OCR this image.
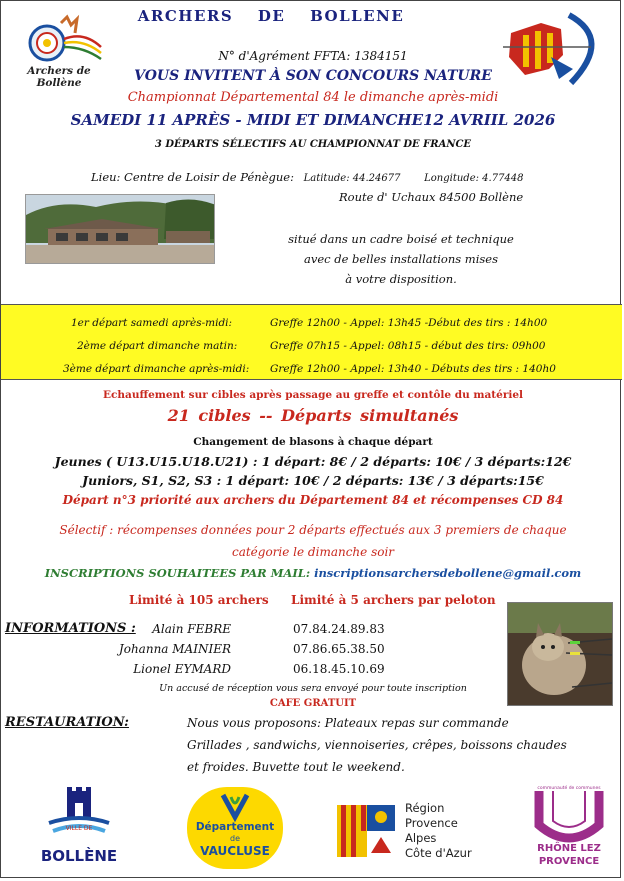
Archers de Bollène
ARCHERS DE BOLLENE
N° d'Agrément FFTA: 1384151
VOUS INVITENT À SON CONCOURS NATURE
Championnat Départemental 84 le dimanche après-midi
SAMEDI 11 APRÈS - MIDI ET DIMANCHE12 AVRIIL 2026
3 DÉPARTS SÉLECTIFS AU CHAMPIONNAT DE FRANCE
Lieu: Centre de Loisir de Pénègue: Latitude: 44.24677 Longitude: 4.77448
Route d' Uchaux 84500 Bollène
situé dans un cadre boisé et technique
avec de belles installations mises
à votre disposition.
1er départ samedi après-midi:	Greffe 12h00 - Appel: 13h45 -Début des tirs : 14h00
2ème départ dimanche matin:	Greffe 07h15 - Appel: 08h15 - début des tirs: 09h00
3ème départ dimanche après-midi: Greffe 12h00 - Appel: 13h40 - Débuts des tirs : 140h0
Echauffement sur cibles après passage au greffe et contôle du matériel
21 cibles -- Départs simultanés
Changement de blasons à chaque départ
Jeunes ( U13.U15.U18.U21) : 1 départ: 8€ / 2 départs: 10€ / 3 départs:12€
Juniors, S1, S2, S3 : 1 départ: 10€ / 2 départs: 13€ / 3 départs:15€
Départ n°3 priorité aux archers du Département 84 et récompenses CD 84
Sélectif : récompenses données pour 2 départs effectués aux 3 premiers de chaque
catégorie le dimanche soir
INSCRIPTIONS SOUHAITEES PAR MAIL: inscriptionsarchersdebollene@gmail.com
Limité à 105 archers Limité à 5 archers par peloton
INFORMATIONS :	Alain FEBRE	07.84.24.89.83
Johanna MAINIER	07.86.65.38.50
Lionel EYMARD	06.18.45.10.69
Un accusé de réception vous sera envoyé pour toute inscription
CAFE GRATUIT
RESTAURATION:	Nous vous proposons: Plateaux repas sur commande
Grillades , sandwichs, viennoiseries, crêpes, boissons chaudes
et froides. Buvette tout le weekend.
VILLE DE
BOLLÈNE
Département
de
VAUCLUSE
Région
Provence
Alpes
Côte d'Azur
communauté de communes
RHÔNE LEZ
PROVENCE
